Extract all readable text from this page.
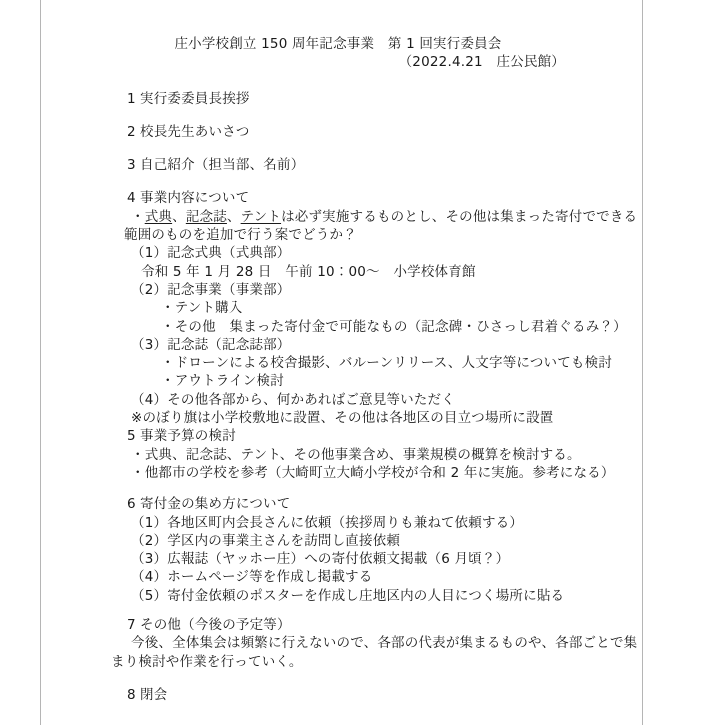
庄小学校創立 150 周年記念事業　第 1 回実行委員会
（2022.4.21　庄公民館）
1 実行委委員長挨拶
2 校長先生あいさつ
3 自己紹介（担当部、名前）
4 事業内容について
・式典、記念誌、テントは必ず実施するものとし、その他は集まった寄付でできる
範囲のものを追加で行う案でどうか？
（1）記念式典（式典部）
令和 5 年 1 月 28 日　午前 10：00～　小学校体育館
（2）記念事業（事業部）
・テント購入
・その他　集まった寄付金で可能なもの（記念碑・ひさっし君着ぐるみ？）
（3）記念誌（記念誌部）
・ドローンによる校舎撮影、バルーンリリース、人文字等についても検討
・アウトライン検討
（4）その他各部から、何かあればご意見等いただく
※のぼり旗は小学校敷地に設置、その他は各地区の目立つ場所に設置
5 事業予算の検討
・式典、記念誌、テント、その他事業含め、事業規模の概算を検討する。
・他都市の学校を参考（大崎町立大崎小学校が令和 2 年に実施。参考になる）
6 寄付金の集め方について
（1）各地区町内会長さんに依頼（挨拶周りも兼ねて依頼する）
（2）学区内の事業主さんを訪問し直接依頼
（3）広報誌（ヤッホー庄）への寄付依頼文掲載（6 月頃？）
（4）ホームページ等を作成し掲載する
（5）寄付金依頼のポスターを作成し庄地区内の人目につく場所に貼る
7 その他（今後の予定等）
今後、全体集会は頻繁に行えないので、各部の代表が集まるものや、各部ごとで集
まり検討や作業を行っていく。
8 閉会
